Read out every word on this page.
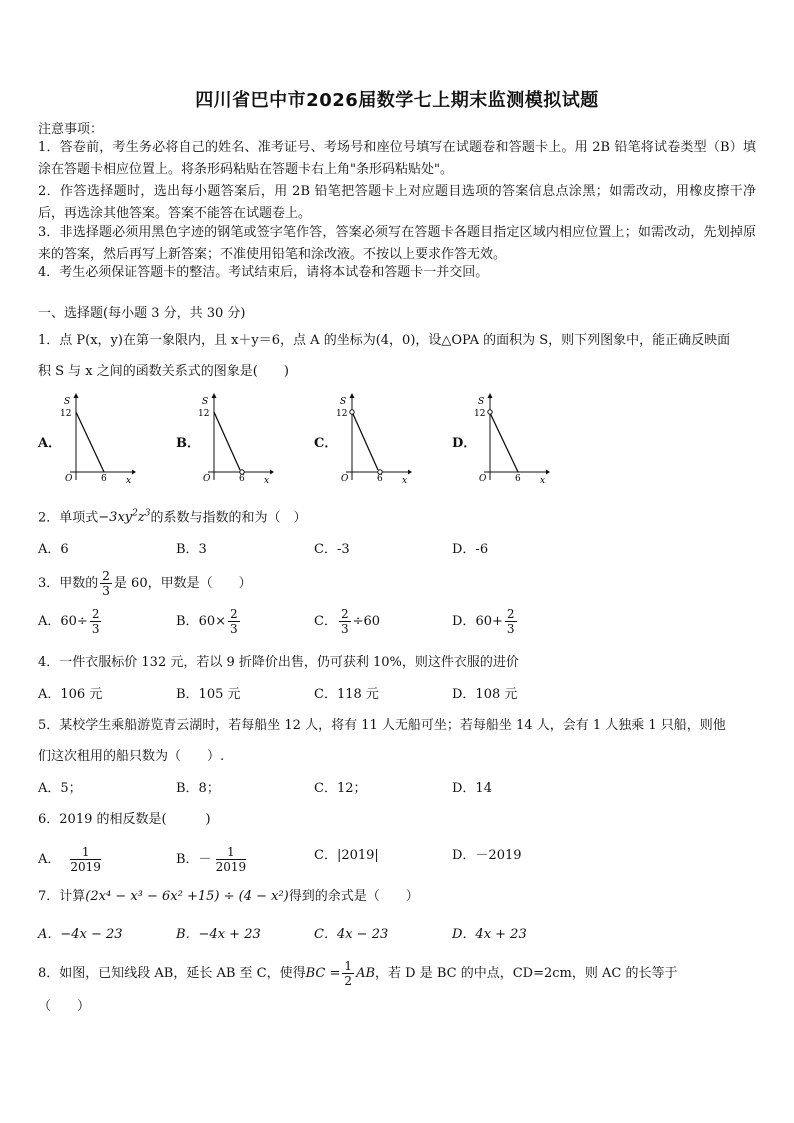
四川省巴中市2026届数学七上期末监测模拟试题
注意事项：
1．答卷前，考生务必将自己的姓名、准考证号、考场号和座位号填写在试题卷和答题卡上。用 2B 铅笔将试卷类型（B）填涂在答题卡相应位置上。将条形码粘贴在答题卡右上角"条形码粘贴处"。
2．作答选择题时，选出每小题答案后，用 2B 铅笔把答题卡上对应题目选项的答案信息点涂黑；如需改动，用橡皮擦干净后，再选涂其他答案。答案不能答在试题卷上。
3．非选择题必须用黑色字迹的钢笔或签字笔作答，答案必须写在答题卡各题目指定区域内相应位置上；如需改动，先划掉原来的答案，然后再写上新答案；不准使用铅笔和涂改液。不按以上要求作答无效。
4．考生必须保证答题卡的整洁。考试结束后，请将本试卷和答题卡一并交回。
一、选择题(每小题 3 分，共 30 分)
1．点 P(x，y)在第一象限内，且 x＋y＝6，点 A 的坐标为(4，0)，设△OPA 的面积为 S，则下列图象中，能正确反映面
积 S 与 x 之间的函数关系式的图象是(　　)
A．	B．	C．	D．
S
12
O	6 x
S
12
O	6 x
S
12
O	6 x
S
12
O	6 x
2．单项式$-3xy^2z^3$的系数与指数的和为（　）
A．6	B．3	C．-3	D．-6
3．甲数的 $\frac{2}{3}$ 是 60，甲数是（　　）
A．$60\div \frac{2}{3}$	B．$60\times \frac{2}{3}$	C． $\frac{2}{3} \div 60$	D．$60+ \frac{2}{3}$
4．一件衣服标价 132 元，若以 9 折降价出售，仍可获利 10%，则这件衣服的进价
A．106 元	B．105 元	C．118 元	D．108 元
5．某校学生乘船游览青云湖时，若每船坐 12 人，将有 11 人无船可坐；若每船坐 14 人，会有 1 人独乘 1 只船，则他
们这次租用的船只数为（　　）.
A．5；	B．8；	C．12；	D．14
6．2019 的相反数是(　　　)
A． $\frac{1}{2019}$	B．－ $\frac{1}{2019}$	C．|2019|	D．－2019
7．计算(2x⁴ − x³ − 6x² +15) ÷ (4 − x²)得到的余式是（　　）
A．−4x − 23	B．−4x + 23	C．4x − 23	D．4x + 23
8．如图，已知线段 AB，延长 AB 至 C，使得BC = $\frac{1}{2}$ AB，若 D 是 BC 的中点，CD=2cm，则 AC 的长等于
（　　）
